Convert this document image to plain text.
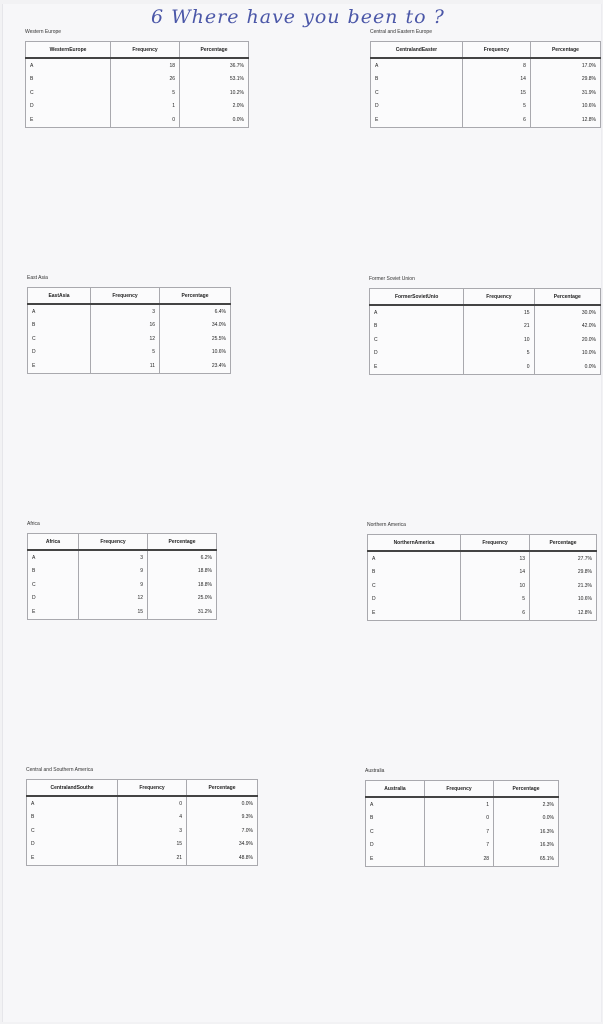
6 Where have you been to ?
Western Europe
WesternEurope	Frequency	Percentage
A	18	36.7%
B	26	53.1%
C	5	10.2%
D	1	2.0%
E	0	0.0%
Central and Eastern Europe
CentralandEaster	Frequency	Percentage
A	8	17.0%
B	14	29.8%
C	15	31.9%
D	5	10.6%
E	6	12.8%
East Asia
EastAsia	Frequency	Percentage
A	3	6.4%
B	16	34.0%
C	12	25.5%
D	5	10.6%
E	11	23.4%
Former Soviet Union
FormerSovietUnio	Frequency	Percentage
A	15	30.0%
B	21	42.0%
C	10	20.0%
D	5	10.0%
E	0	0.0%
Africa
Africa	Frequency	Percentage
A	3	6.2%
B	9	18.8%
C	9	18.8%
D	12	25.0%
E	15	31.2%
Northern America
NorthernAmerica	Frequency	Percentage
A	13	27.7%
B	14	29.8%
C	10	21.3%
D	5	10.6%
E	6	12.8%
Central and Southern America
CentralandSouthe	Frequency	Percentage
A	0	0.0%
B	4	9.3%
C	3	7.0%
D	15	34.9%
E	21	48.8%
Australia
Australia	Frequency	Percentage
A	1	2.3%
B	0	0.0%
C	7	16.3%
D	7	16.3%
E	28	65.1%
